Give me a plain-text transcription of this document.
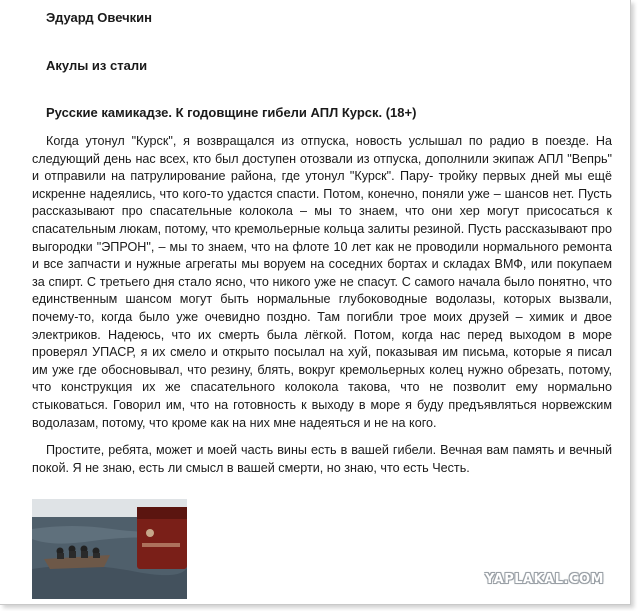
Эдуард Овечкин

Акулы из стали

Русские камикадзе. К годовщине гибели АПЛ Курск. (18+)

Когда утонул "Курск", я возвращался из отпуска, новость услышал по радио в поезде. На следующий день нас всех, кто был доступен отозвали из отпуска, дополнили экипаж АПЛ "Вепрь" и отправили на патрулирование района, где утонул "Курск". Пару- тройку первых дней мы ещё искренне надеялись, что кого-то удастся спасти. Потом, конечно, поняли уже – шансов нет. Пусть рассказывают про спасательные колокола – мы то знаем, что они хер могут присосаться к спасательным люкам, потому, что кремольерные кольца залиты резиной. Пусть рассказывают про выгородки "ЭПРОН", – мы то знаем, что на флоте 10 лет как не проводили нормального ремонта и все запчасти и нужные агрегаты мы воруем на соседних бортах и складах ВМФ, или покупаем за спирт. С третьего дня стало ясно, что никого уже не спасут. С самого начала было понятно, что единственным шансом могут быть нормальные глубоководные водолазы, которых вызвали, почему-то, когда было уже очевидно поздно. Там погибли трое моих друзей – химик и двое электриков. Надеюсь, что их смерть была лёгкой. Потом, когда нас перед выходом в море проверял УПАСР, я их смело и открыто посылал на хуй, показывая им письма, которые я писал им уже где обосновывал, что резину, блять, вокруг кремольерных колец нужно обрезать, потому, что конструкция их же спасательного колокола такова, что не позволит ему нормально стыковаться. Говорил им, что на готовность к выходу в море я буду предъявляться норвежским водолазам, потому, что кроме как на них мне надеяться и не на кого.

Простите, ребята, может и моей часть вины есть в вашей гибели. Вечная вам память и вечный покой. Я не знаю, есть ли смысл в вашей смерти, но знаю, что есть Честь.

YAPLAKAL.COM
